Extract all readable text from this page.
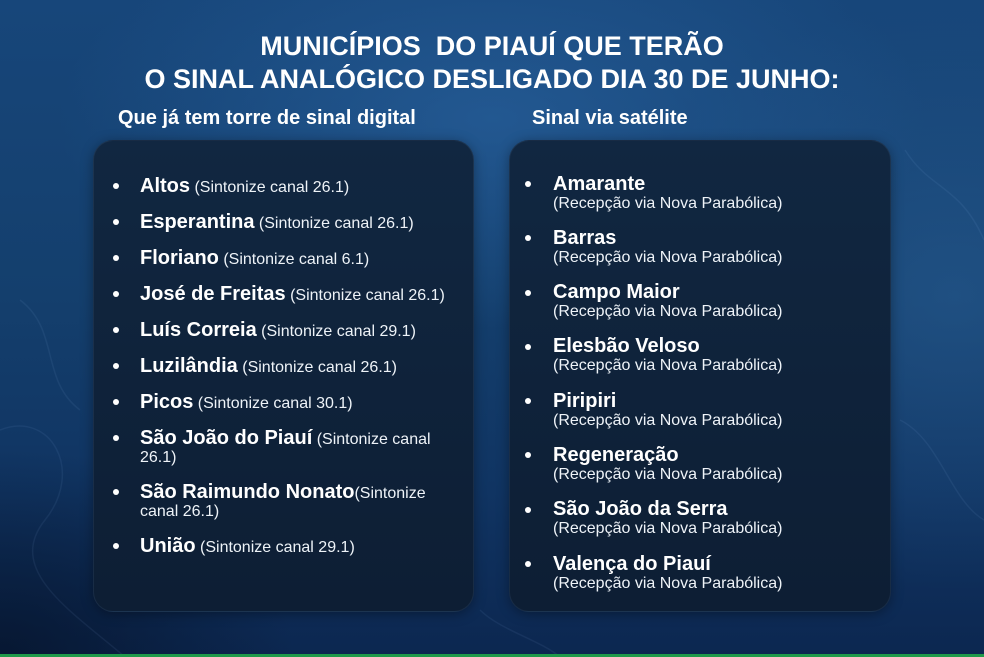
MUNICÍPIOS  DO PIAUÍ QUE TERÃO
O SINAL ANALÓGICO DESLIGADO DIA 30 DE JUNHO:
Que já tem torre de sinal digital	Sinal via satélite
Altos (Sintonize canal 26.1)
Esperantina (Sintonize canal 26.1)
Floriano (Sintonize canal 6.1)
José de Freitas (Sintonize canal 26.1)
Luís Correia (Sintonize canal 29.1)
Luzilândia (Sintonize canal 26.1)
Picos (Sintonize canal 30.1)
São João do Piauí (Sintonize canal 26.1)
São Raimundo Nonato(Sintonize canal 26.1)
União (Sintonize canal 29.1)
Amarante
(Recepção via Nova Parabólica)
Barras
(Recepção via Nova Parabólica)
Campo Maior
(Recepção via Nova Parabólica)
Elesbão Veloso
(Recepção via Nova Parabólica)
Piripiri
(Recepção via Nova Parabólica)
Regeneração
(Recepção via Nova Parabólica)
São João da Serra
(Recepção via Nova Parabólica)
Valença do Piauí
(Recepção via Nova Parabólica)
